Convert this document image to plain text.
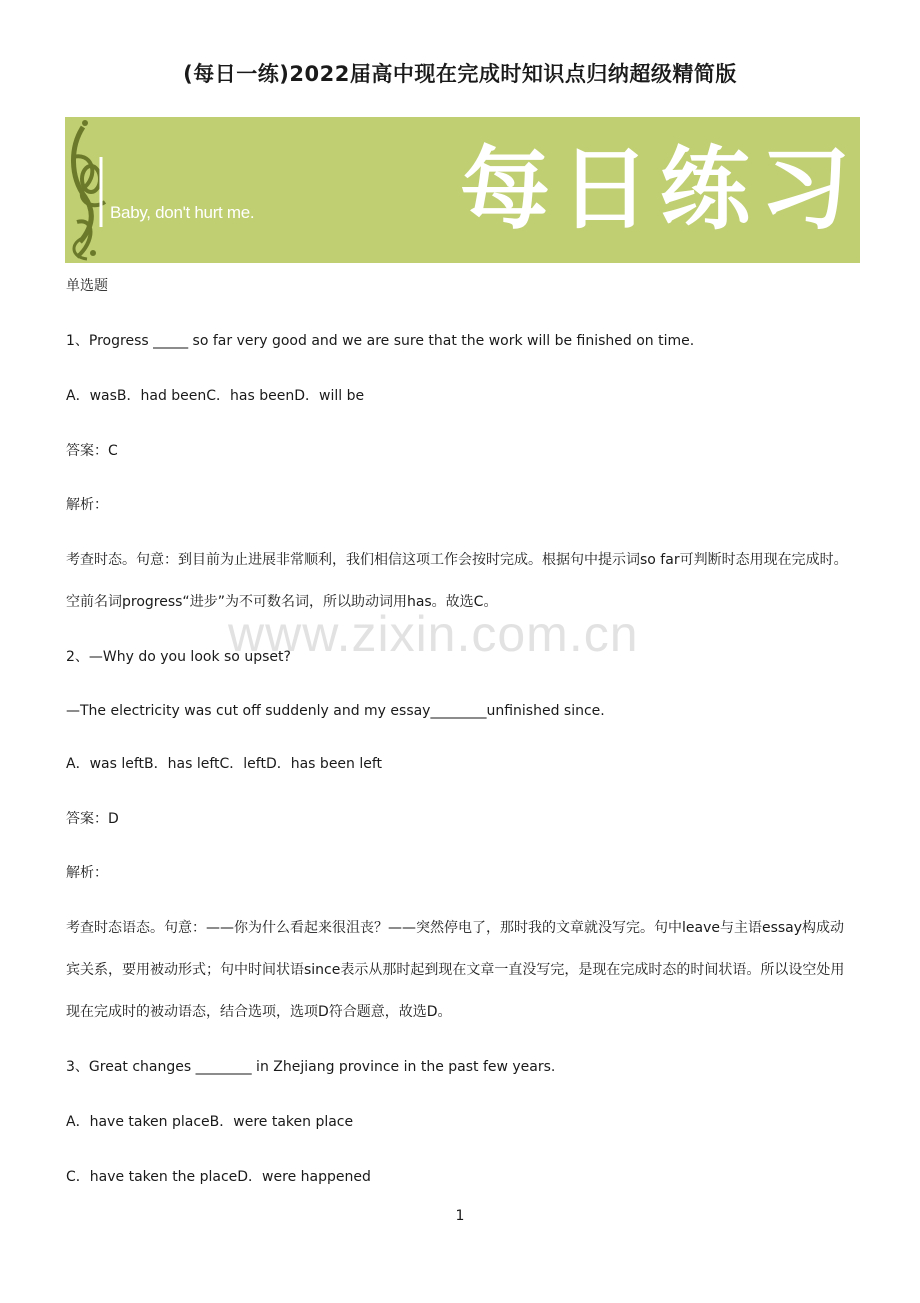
(每日一练)2022届高中现在完成时知识点归纳超级精简版
Baby, don't hurt me. 每日练习
单选题
1、Progress _____ so far very good and we are sure that the work will be finished on time.
A．wasB．had beenC．has beenD．will be
答案：C
解析：
考查时态。句意：到目前为止进展非常顺利，我们相信这项工作会按时完成。根据句中提示词so far可判断时态用现在完成时。空前名词progress“进步”为不可数名词，所以助动词用has。故选C。
2、—Why do you look so upset?
—The electricity was cut off suddenly and my essay________unfinished since.
A．was leftB．has leftC．leftD．has been left
答案：D
解析：
考查时态语态。句意：——你为什么看起来很沮丧？——突然停电了，那时我的文章就没写完。句中leave与主语essay构成动宾关系，要用被动形式；句中时间状语since表示从那时起到现在文章一直没写完，是现在完成时态的时间状语。所以设空处用现在完成时的被动语态，结合选项，选项D符合题意，故选D。
3、Great changes ________ in Zhejiang province in the past few years.
A．have taken placeB．were taken place
C．have taken the placeD．were happened
www.zixin.com.cn
1
